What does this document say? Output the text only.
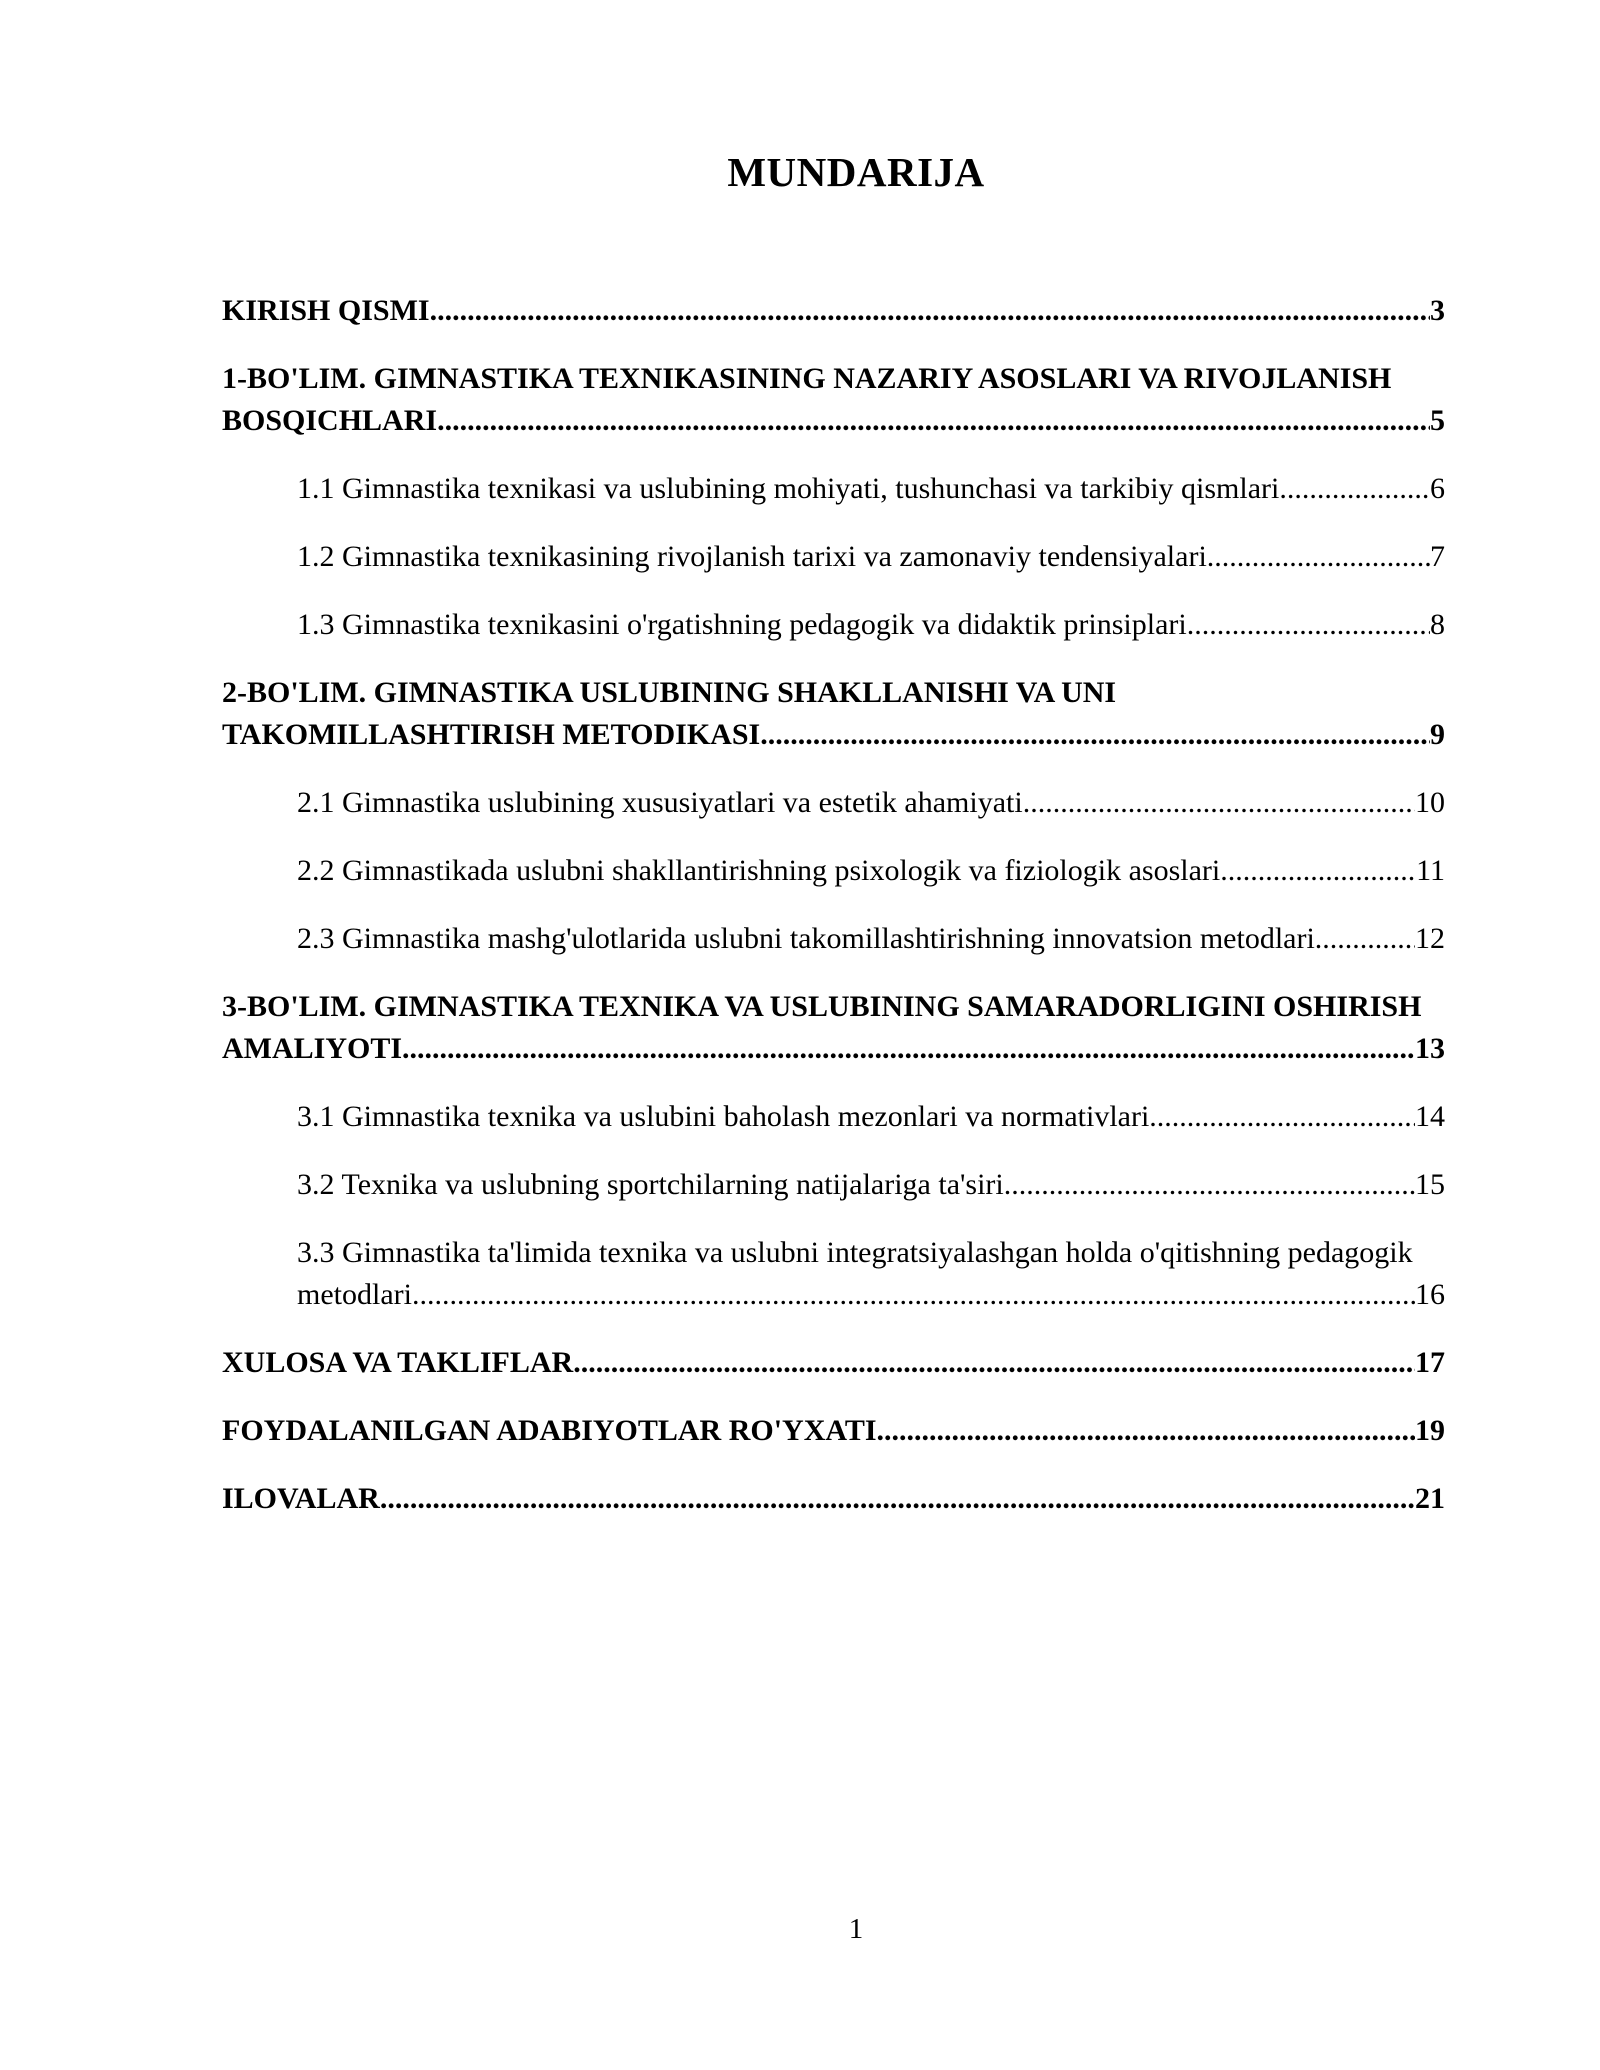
MUNDARIJA
KIRISH QISMI .....	3
1-BO'LIM. GIMNASTIKA TEXNIKASINING NAZARIY ASOSLARI VA RIVOJLANISH
BOSQICHLARI .....	5
1.1 Gimnastika texnikasi va uslubining mohiyati, tushunchasi va tarkibiy qismlari .....	6
1.2 Gimnastika texnikasining rivojlanish tarixi va zamonaviy tendensiyalari .....	7
1.3 Gimnastika texnikasini o'rgatishning pedagogik va didaktik prinsiplari .....	8
2-BO'LIM. GIMNASTIKA USLUBINING SHAKLLANISHI VA UNI
TAKOMILLASHTIRISH METODIKASI .....	9
2.1 Gimnastika uslubining xususiyatlari va estetik ahamiyati .....	10
2.2 Gimnastikada uslubni shakllantirishning psixologik va fiziologik asoslari .....	11
2.3 Gimnastika mashg'ulotlarida uslubni takomillashtirishning innovatsion metodlari .....	12
3-BO'LIM. GIMNASTIKA TEXNIKA VA USLUBINING SAMARADORLIGINI OSHIRISH
AMALIYOTI .....	13
3.1 Gimnastika texnika va uslubini baholash mezonlari va normativlari .....	14
3.2 Texnika va uslubning sportchilarning natijalariga ta'siri .....	15
3.3 Gimnastika ta'limida texnika va uslubni integratsiyalashgan holda o'qitishning pedagogik
metodlari .....	16
XULOSA VA TAKLIFLAR .....	17
FOYDALANILGAN ADABIYOTLAR RO'YXATI .....	19
ILOVALAR .....	21
1
